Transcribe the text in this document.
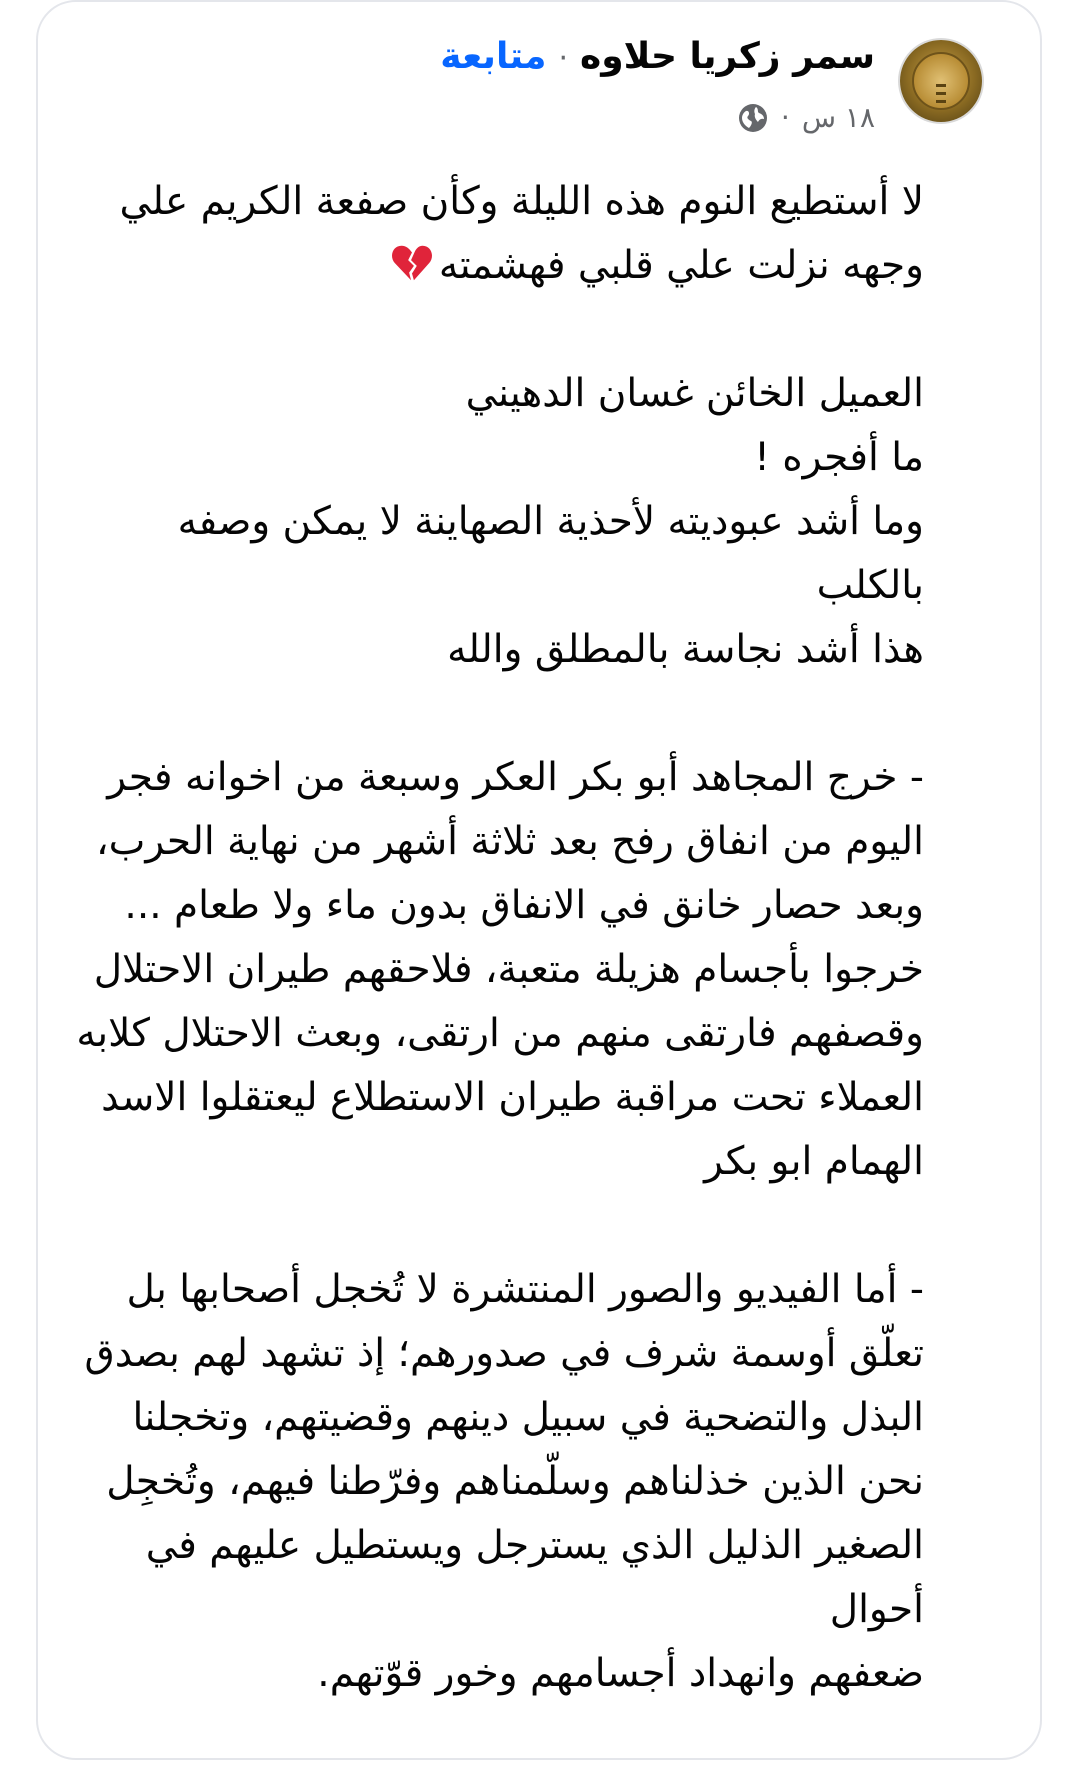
سمر زكريا حلاوه·متابعة
١٨ س
·

لا أستطيع النوم هذه الليلة وكأن صفعة الكريم علي

وجهه نزلت علي قلبي فهشمته

العميل الخائن غسان الدهيني

ما أفجره !

وما أشد عبوديته لأحذية الصهاينة لا يمكن وصفه بالكلب

هذا أشد نجاسة بالمطلق والله

- خرج المجاهد أبو بكر العكر وسبعة من اخوانه فجر

اليوم من انفاق رفح بعد ثلاثة أشهر من نهاية الحرب،

وبعد حصار خانق في الانفاق بدون ماء ولا طعام ...

خرجوا بأجسام هزيلة متعبة، فلاحقهم طيران الاحتلال

وقصفهم فارتقى منهم من ارتقى، وبعث الاحتلال كلابه

العملاء تحت مراقبة طيران الاستطلاع ليعتقلوا الاسد

الهمام ابو بكر

- أما الفيديو والصور المنتشرة لا تُخجل أصحابها بل

تعلّق أوسمة شرف في صدورهم؛ إذ تشهد لهم بصدق

البذل والتضحية في سبيل دينهم وقضيتهم، وتخجلنا

نحن الذين خذلناهم وسلّمناهم وفرّطنا فيهم، وتُخجِل

الصغير الذليل الذي يسترجل ويستطيل عليهم في أحوال

ضعفهم وانهداد أجسامهم وخور قوّتهم.
